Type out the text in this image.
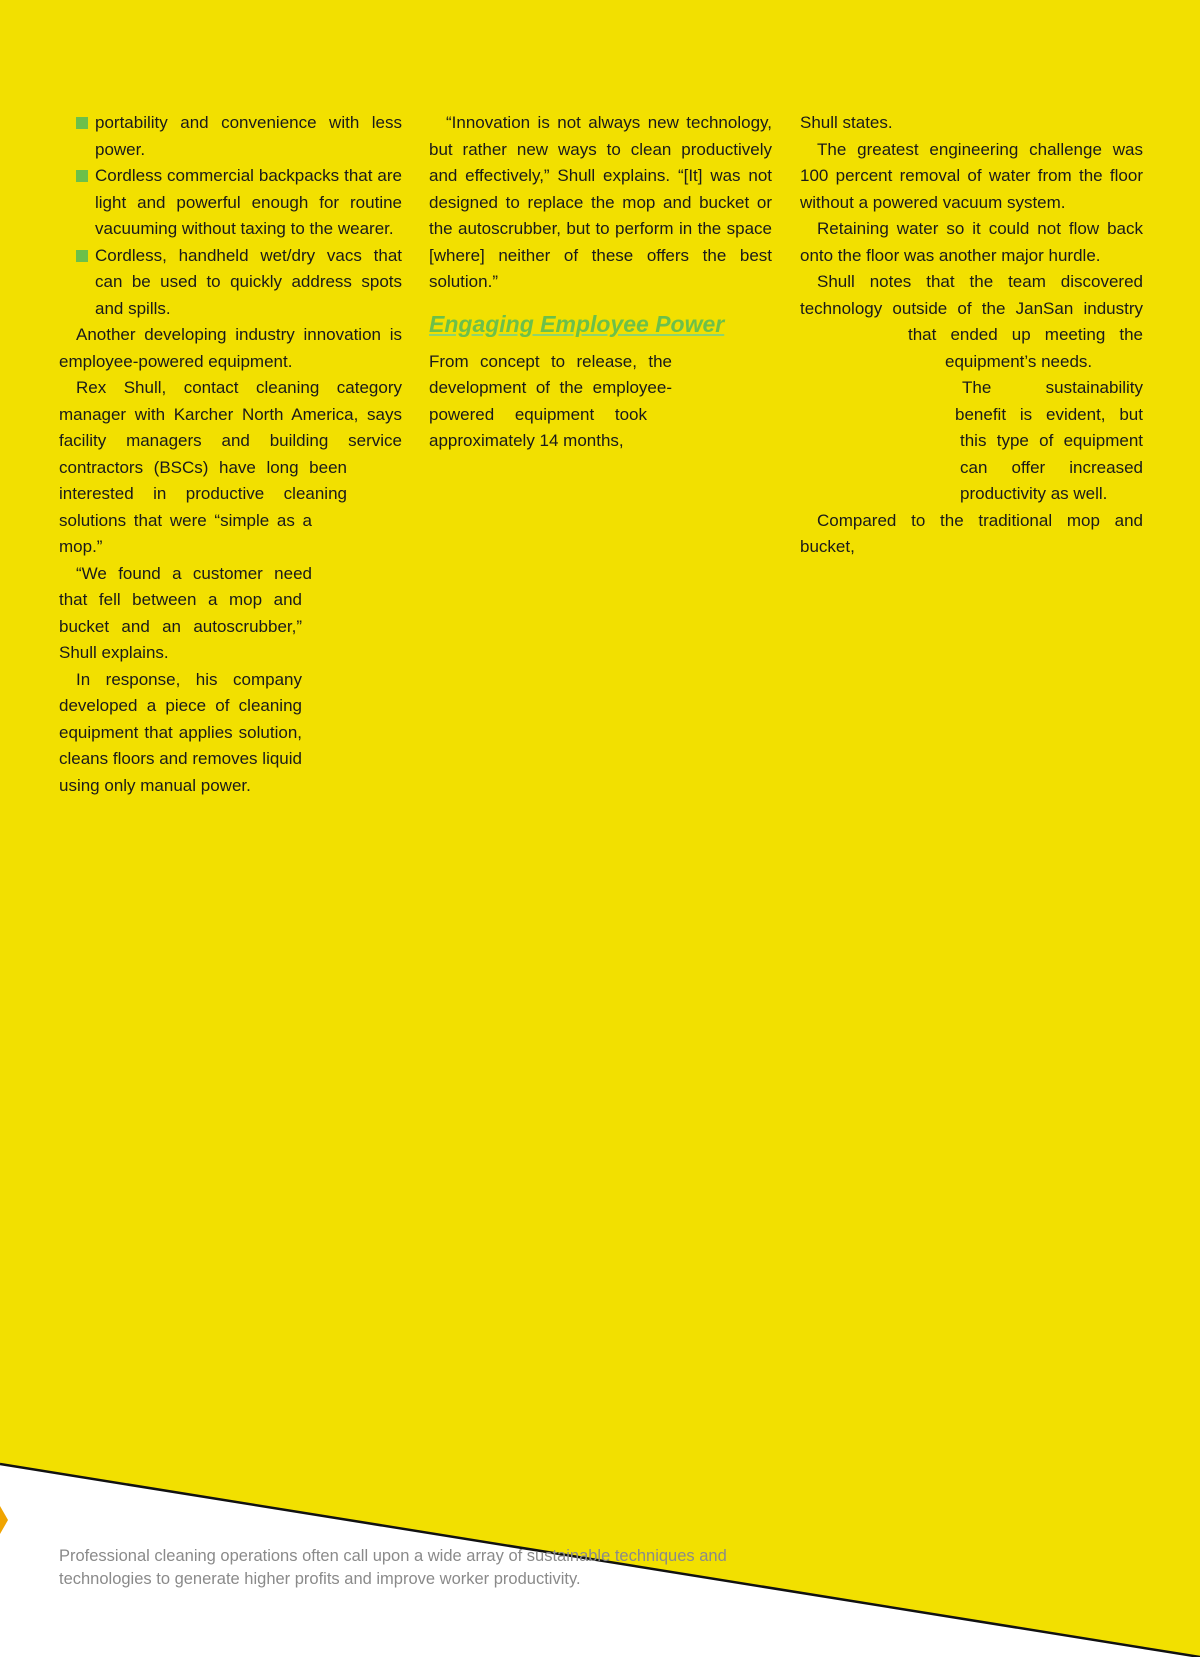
portability and convenience with less power.
Cordless commercial backpacks that are light and powerful enough for routine vacuuming without taxing to the wearer.
Cordless, handheld wet/dry vacs that can be used to quickly address spots and spills.

Another developing industry innovation is employee-powered equipment.

Rex Shull, contact cleaning category manager with Karcher North America, says facility managers and building service contractors (BSCs) have long been interested in productive cleaning solutions that were “simple as a mop.”

“We found a customer need that fell between a mop and bucket and an autoscrubber,” Shull explains.

In response, his company developed a piece of cleaning equipment that applies solution, cleans floors and removes liquid using only manual power.

“Innovation is not always new technology, but rather new ways to clean productively and effectively,” Shull explains. “[It] was not designed to replace the mop and bucket or the autoscrubber, but to perform in the space [where] neither of these offers the best solution.”

Engaging Employee Power

From concept to release, the development of the employee-powered equipment took approximately 14 months,

Shull states.

The greatest engineering challenge was 100 percent removal of water from the floor without a powered vacuum system.

Retaining water so it could not flow back onto the floor was another major hurdle.

Shull notes that the team discovered technology outside of the JanSan industry that ended up meeting the equipment’s needs.

The sustainability benefit is evident, but this type of equipment can offer increased productivity as well.

Compared to the traditional mop and bucket,

Professional cleaning operations often call upon a wide array of sustainable techniques and technologies to generate higher profits and improve worker productivity.
